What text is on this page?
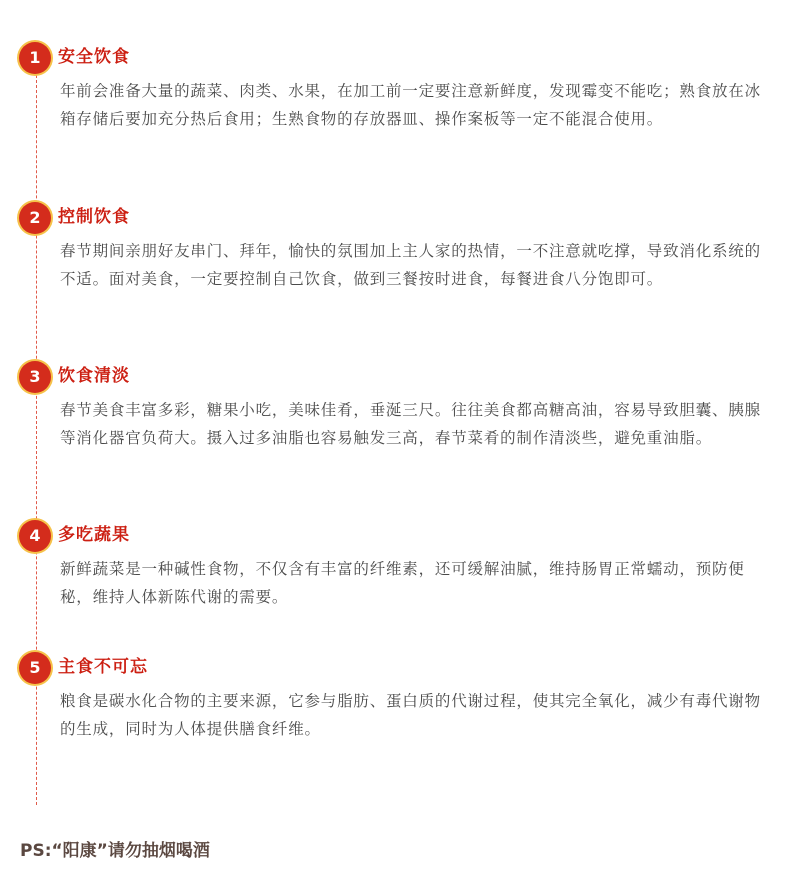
1	安全饮食
年前会准备大量的蔬菜、肉类、水果，在加工前一定要注意新鲜度，发现霉变不能吃；熟食放在冰箱存储后要加充分热后食用；生熟食物的存放器皿、操作案板等一定不能混合使用。
2	控制饮食
春节期间亲朋好友串门、拜年，愉快的氛围加上主人家的热情，一不注意就吃撑，导致消化系统的不适。面对美食，一定要控制自己饮食，做到三餐按时进食，每餐进食八分饱即可。
3	饮食清淡
春节美食丰富多彩，糖果小吃，美味佳肴，垂涎三尺。往往美食都高糖高油，容易导致胆囊、胰腺等消化器官负荷大。摄入过多油脂也容易触发三高，春节菜肴的制作清淡些，避免重油脂。
4	多吃蔬果
新鲜蔬菜是一种碱性食物，不仅含有丰富的纤维素，还可缓解油腻，维持肠胃正常蠕动，预防便秘，维持人体新陈代谢的需要。
5	主食不可忘
粮食是碳水化合物的主要来源，它参与脂肪、蛋白质的代谢过程，使其完全氧化，减少有毒代谢物的生成，同时为人体提供膳食纤维。
PS:“阳康”请勿抽烟喝酒
